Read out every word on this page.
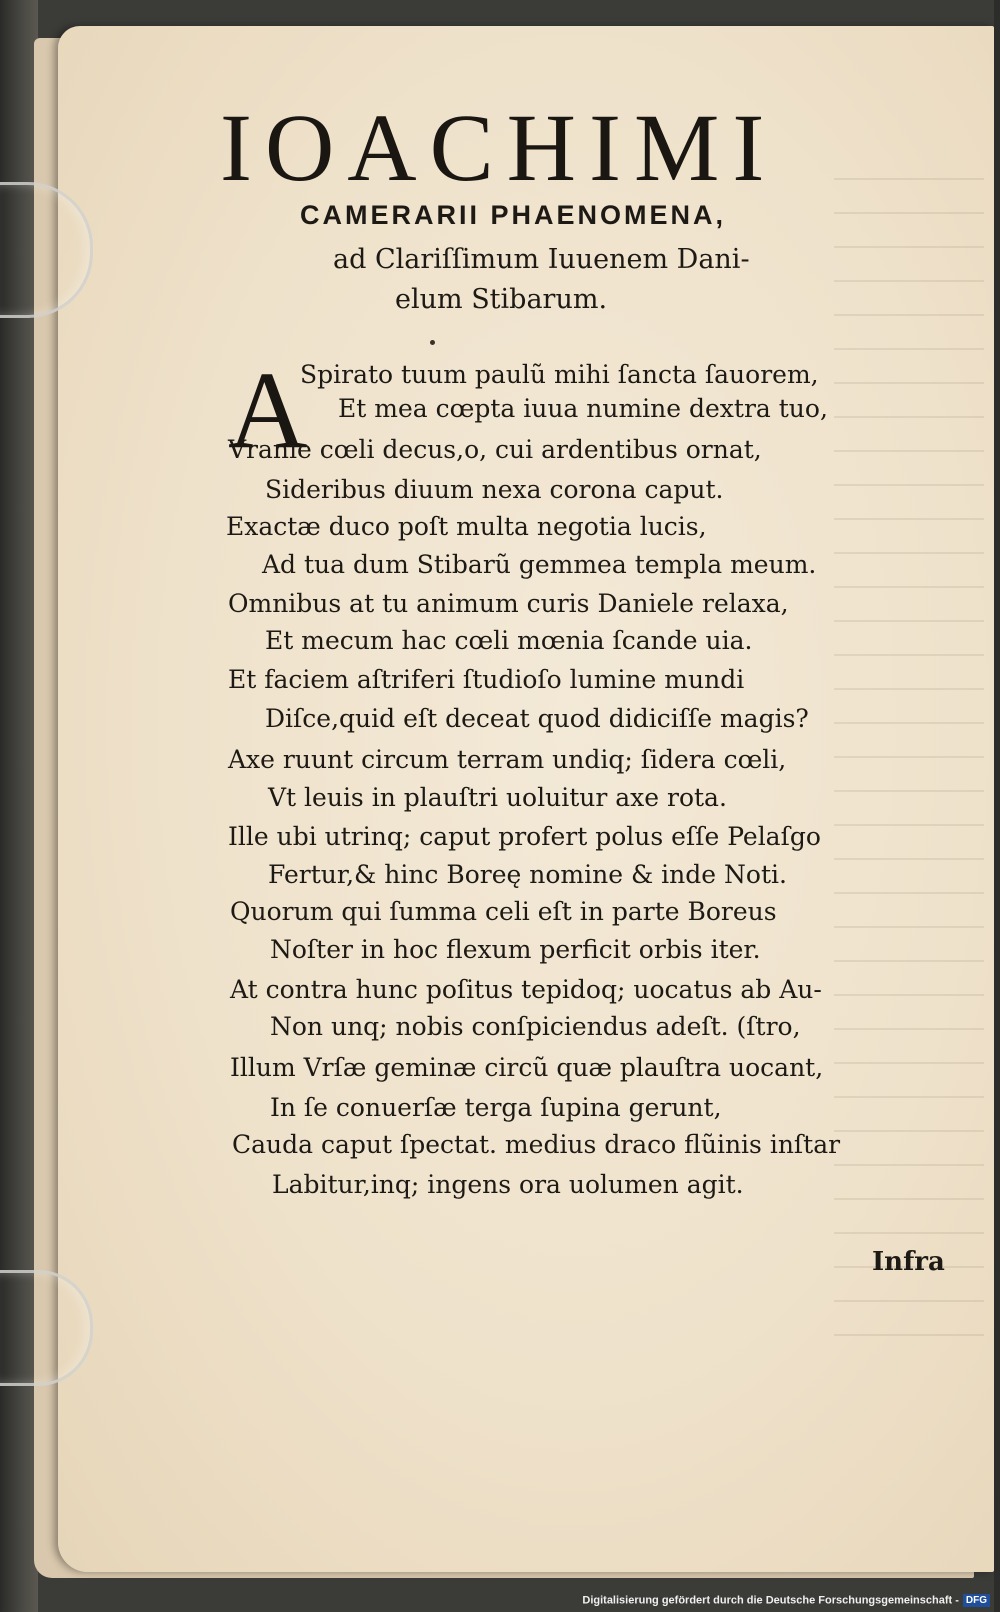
IOACHIMI
CAMERARII PHAENOMENA,
ad Clariſſimum Iuuenem Dani-
elum Stibarum.
A
Spirato tuum paulũ mihi ſancta ſauorem,
Et mea cœpta iuua numine dextra tuo,
Vranie cœli decus,o, cui ardentibus ornat,
Sideribus diuum nexa corona caput.
Exactæ duco poſt multa negotia lucis,
Ad tua dum Stibarũ gemmea templa meum.
Omnibus at tu animum curis Daniele relaxa,
Et mecum hac cœli mœnia ſcande uia.
Et faciem aſtriferi ſtudioſo lumine mundi
Diſce,quid eſt deceat quod didiciſſe magis?
Axe ruunt circum terram undiq; ſidera cœli,
Vt leuis in plauſtri uoluitur axe rota.
Ille ubi utrinq; caput profert polus eſſe Pelaſgo
Fertur,& hinc Boreę nomine & inde Noti.
Quorum qui ſumma celi eſt in parte Boreus
Noſter in hoc flexum perficit orbis iter.
At contra hunc poſitus tepidoq; uocatus ab Au-
Non unq; nobis conſpiciendus adeſt. (ſtro,
Illum Vrſæ geminæ circũ quæ plauſtra uocant,
In ſe conuerſæ terga ſupina gerunt,
Cauda caput ſpectat. medius draco flũinis inſtar
Labitur,inq; ingens ora uolumen agit.
Infra
Digitalisierung gefördert durch die Deutsche Forschungsgemeinschaft - DFG
